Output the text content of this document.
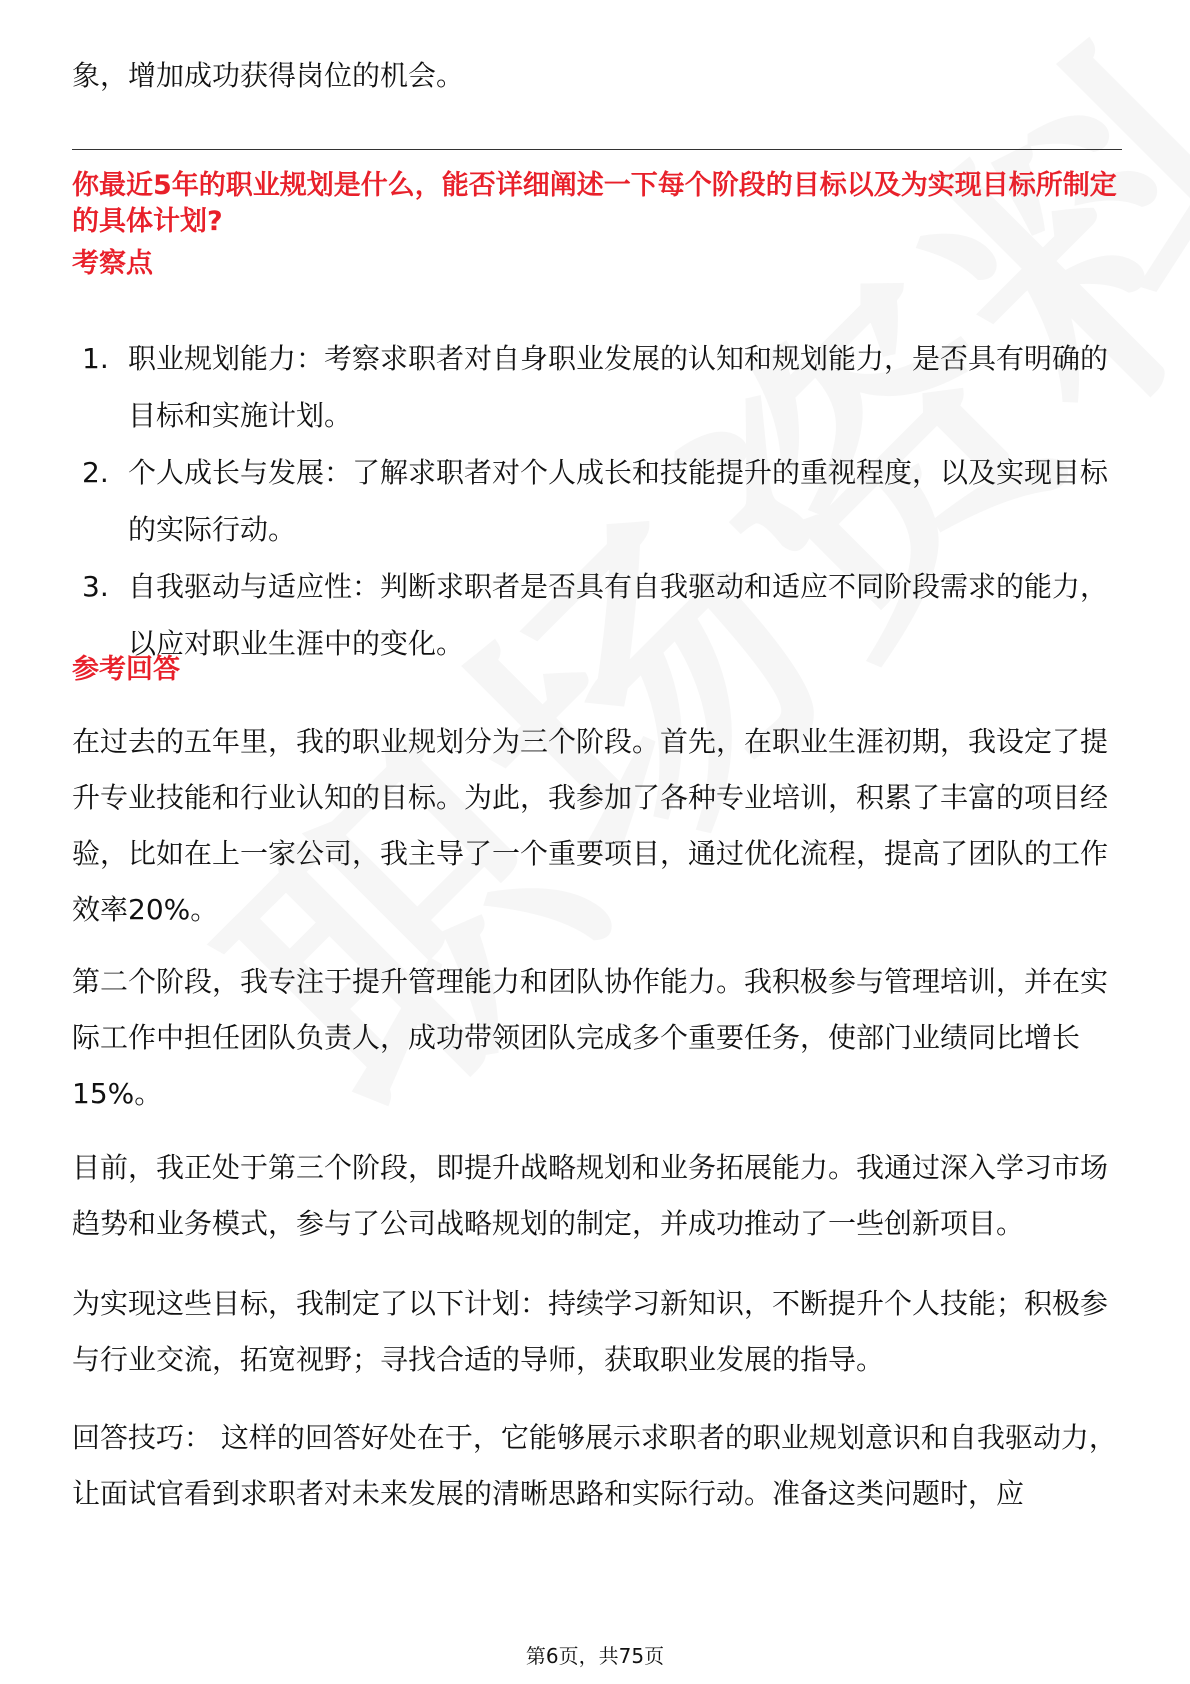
象，增加成功获得岗位的机会。

你最近5年的职业规划是什么，能否详细阐述一下每个阶段的目标以及为实现目标所制定的具体计划?

考察点

1. 职业规划能力：考察求职者对自身职业发展的认知和规划能力，是否具有明确的目标和实施计划。
2. 个人成长与发展：了解求职者对个人成长和技能提升的重视程度，以及实现目标的实际行动。
3. 自我驱动与适应性：判断求职者是否具有自我驱动和适应不同阶段需求的能力，以应对职业生涯中的变化。

参考回答

在过去的五年里，我的职业规划分为三个阶段。首先，在职业生涯初期，我设定了提升专业技能和行业认知的目标。为此，我参加了各种专业培训，积累了丰富的项目经验，比如在上一家公司，我主导了一个重要项目，通过优化流程，提高了团队的工作效率20%。

第二个阶段，我专注于提升管理能力和团队协作能力。我积极参与管理培训，并在实际工作中担任团队负责人，成功带领团队完成多个重要任务，使部门业绩同比增长15%。

目前，我正处于第三个阶段，即提升战略规划和业务拓展能力。我通过深入学习市场趋势和业务模式，参与了公司战略规划的制定，并成功推动了一些创新项目。

为实现这些目标，我制定了以下计划：持续学习新知识，不断提升个人技能；积极参与行业交流，拓宽视野；寻找合适的导师，获取职业发展的指导。

回答技巧： 这样的回答好处在于，它能够展示求职者的职业规划意识和自我驱动力，让面试官看到求职者对未来发展的清晰思路和实际行动。准备这类问题时，应

第6页，共75页
